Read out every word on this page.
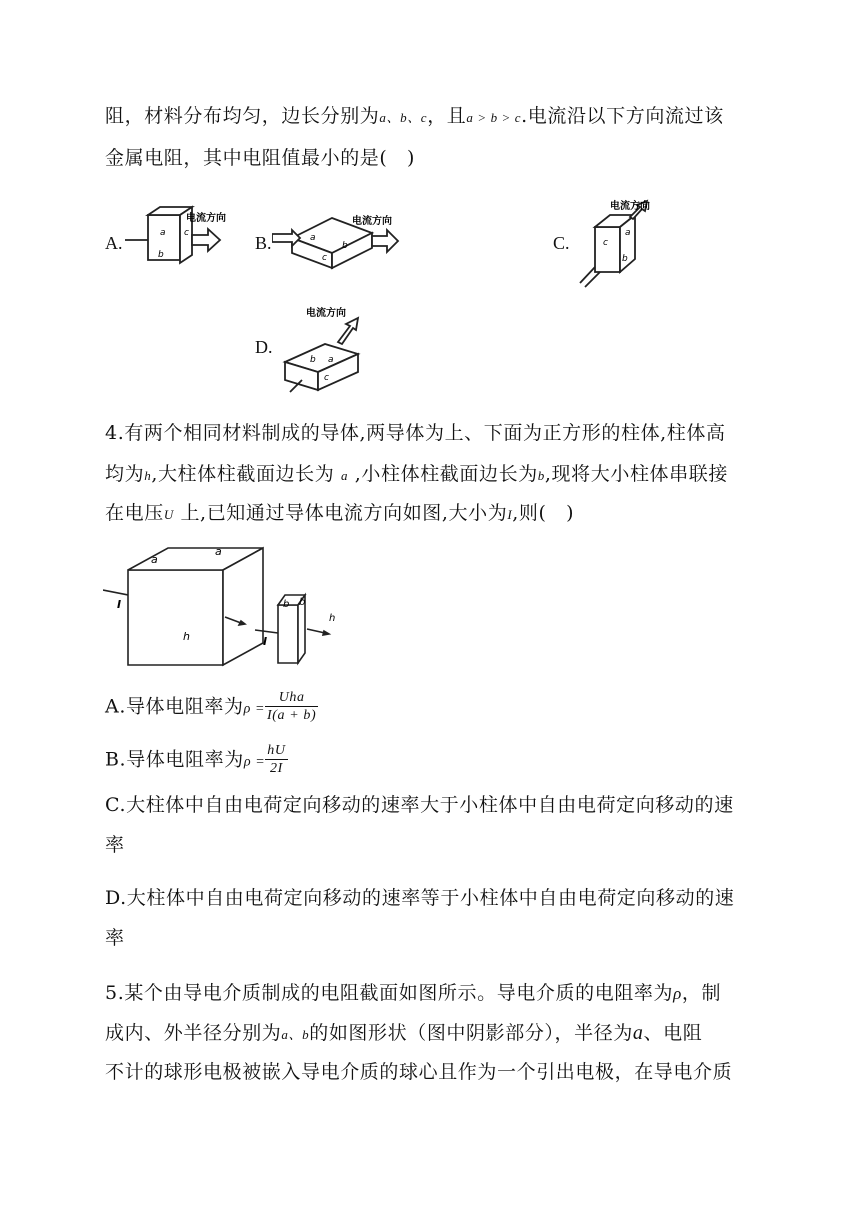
阻，材料分布均匀，边长分别为a、b、c，且a > b > c.电流沿以下方向流过该
金属电阻，其中电阻值最小的是(　)
A.	B.	C.
D.
c
a
b
电流方向
a
b
c
电流方向
c
a
b
电流方向
b a
c
电流方向
4.有两个相同材料制成的导体,两导体为上、下面为正方形的柱体,柱体高
均为h,大柱体柱截面边长为 a ,小柱体柱截面边长为b,现将大小柱体串联接
在电压U 上,已知通过导体电流方向如图,大小为I,则(　)
a
a
h
I
I
b b
h
A.导体电阻率为$\rho = \frac{\text{Uha}}{I(a + b)}$
B.导体电阻率为$\rho = \frac{hU}{2I}$
C.大柱体中自由电荷定向移动的速率大于小柱体中自由电荷定向移动的速
率
D.大柱体中自由电荷定向移动的速率等于小柱体中自由电荷定向移动的速
率
5.某个由导电介质制成的电阻截面如图所示。导电介质的电阻率为ρ，制
成内、外半径分别为a、b的如图形状（图中阴影部分），半径为a、电阻
不计的球形电极被嵌入导电介质的球心且作为一个引出电极，在导电介质
